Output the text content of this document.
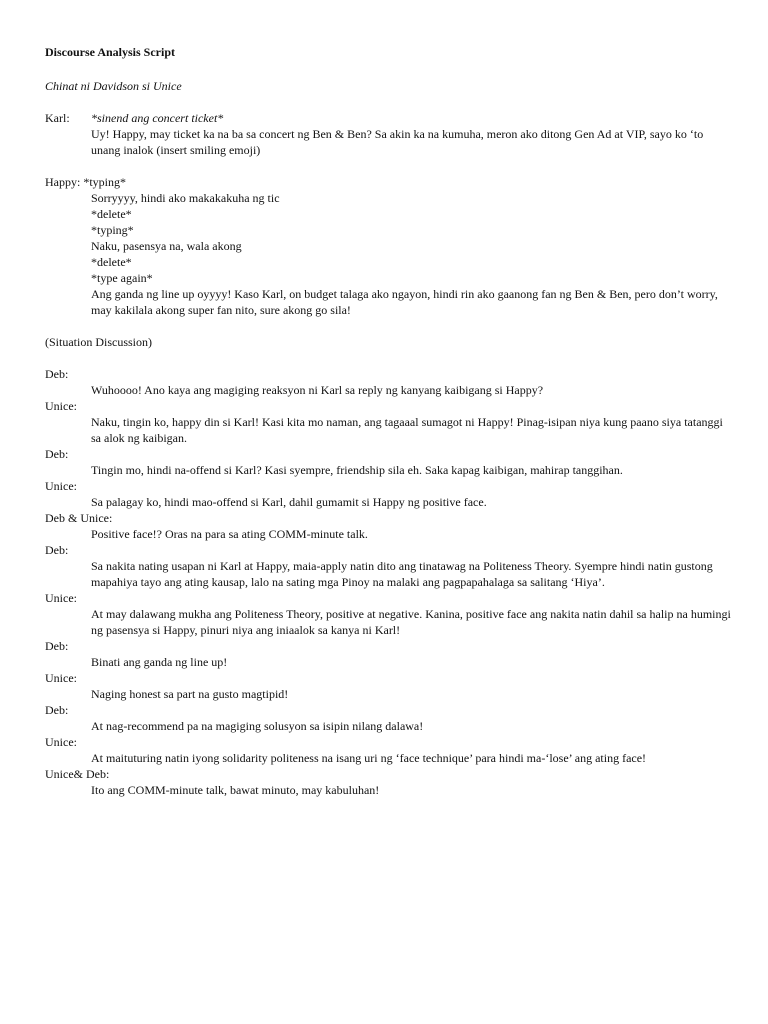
Discourse Analysis Script
Chinat ni Davidson si Unice
Karl:	*sinend ang concert ticket*
Uy! Happy, may ticket ka na ba sa concert ng Ben & Ben? Sa akin ka na kumuha, meron ako ditong Gen Ad at VIP, sayo ko ‘to unang inalok (insert smiling emoji)
Happy:
*typing*
Sorryyyy, hindi ako makakakuha ng tic
*delete*
*typing*
Naku, pasensya na, wala akong
*delete*
*type again*
Ang ganda ng line up oyyyy! Kaso Karl, on budget talaga ako ngayon, hindi rin ako gaanong fan ng Ben & Ben, pero don’t worry, may kakilala akong super fan nito, sure akong go sila!
(Situation Discussion)
Deb:
Wuhoooo! Ano kaya ang magiging reaksyon ni Karl sa reply ng kanyang kaibigang si Happy?
Unice:
Naku, tingin ko, happy din si Karl! Kasi kita mo naman, ang tagaaal sumagot ni Happy! Pinag-isipan niya kung paano siya tatanggi sa alok ng kaibigan.
Deb:
Tingin mo, hindi na-offend si Karl? Kasi syempre, friendship sila eh. Saka kapag kaibigan, mahirap tanggihan.
Unice:
Sa palagay ko, hindi mao-offend si Karl, dahil gumamit si Happy ng positive face.
Deb & Unice:
Positive face!? Oras na para sa ating COMM-minute talk.
Deb:
Sa nakita nating usapan ni Karl at Happy, maia-apply natin dito ang tinatawag na Politeness Theory. Syempre hindi natin gustong mapahiya tayo ang ating kausap, lalo na sating mga Pinoy na malaki ang pagpapahalaga sa salitang ‘Hiya’.
Unice:
At may dalawang mukha ang Politeness Theory, positive at negative. Kanina, positive face ang nakita natin dahil sa halip na humingi ng pasensya si Happy, pinuri niya ang iniaalok sa kanya ni Karl!
Deb:
Binati ang ganda ng line up!
Unice:
Naging honest sa part na gusto magtipid!
Deb:
At nag-recommend pa na magiging solusyon sa isipin nilang dalawa!
Unice:
At maituturing natin iyong solidarity politeness na isang uri ng ‘face technique’ para hindi ma-‘lose’ ang ating face!
Unice& Deb:
Ito ang COMM-minute talk, bawat minuto, may kabuluhan!
